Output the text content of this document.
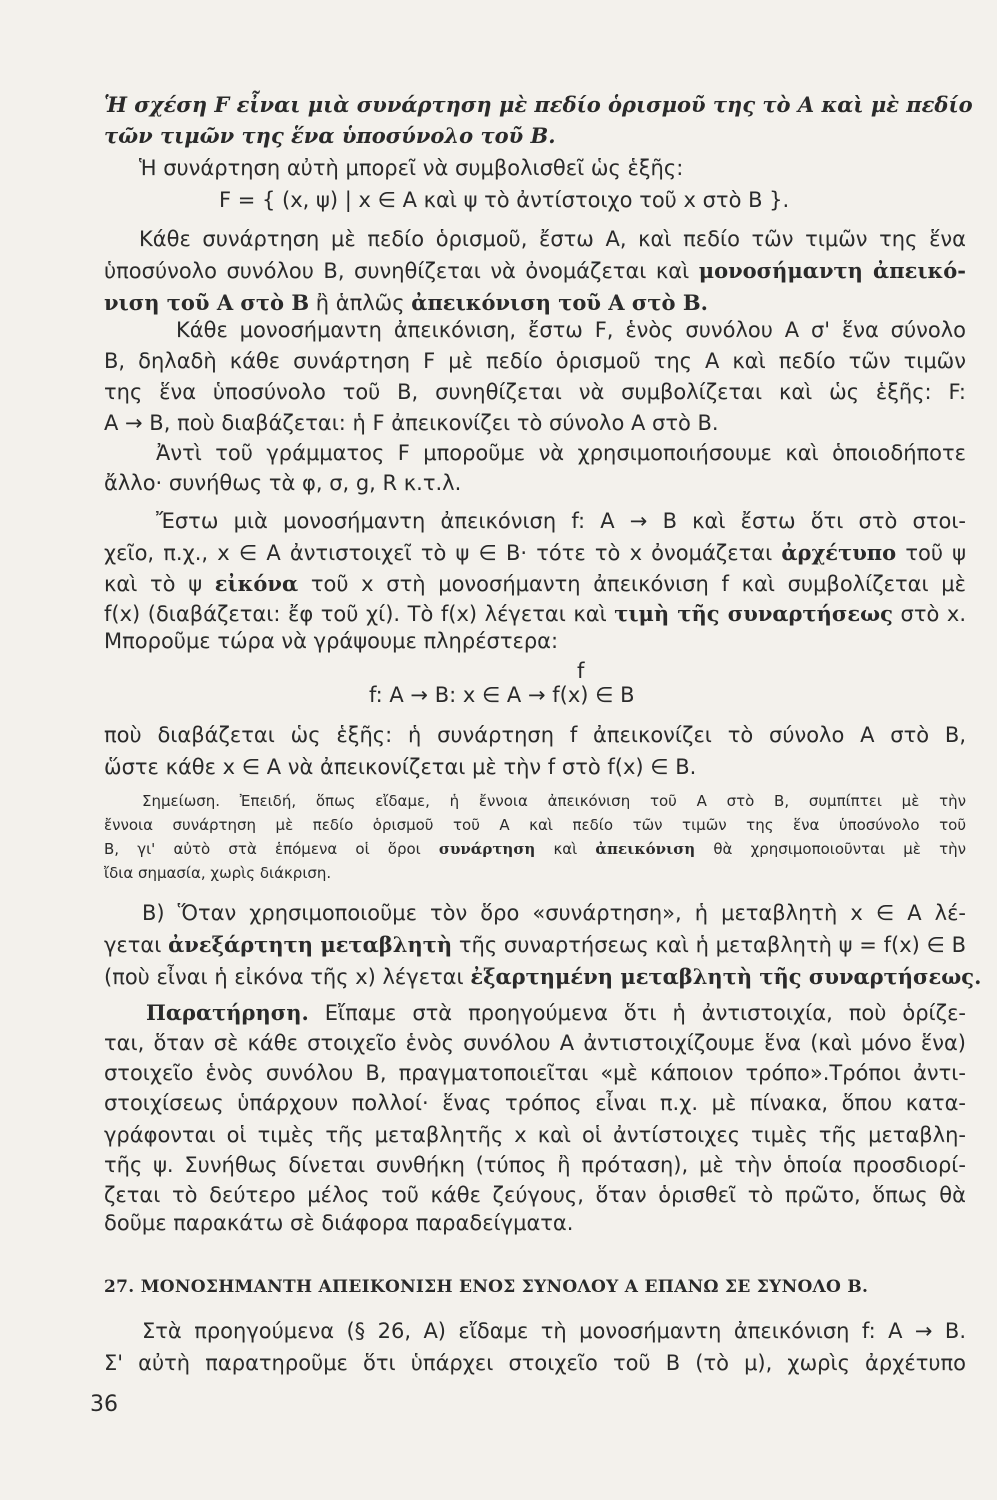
Ἡ σχέση F εἶναι μιὰ συνάρτηση μὲ πεδίο ὁρισμοῦ της τὸ A καὶ μὲ πεδίο
τῶν τιμῶν της ἕνα ὑποσύνολο τοῦ B.
Ἡ συνάρτηση αὐτὴ μπορεῖ νὰ συμβολισθεῖ ὡς ἑξῆς:
F = { (x, ψ) | x ∈ A καὶ ψ τὸ ἀντίστοιχο τοῦ x στὸ B }.
Κάθε συνάρτηση μὲ πεδίο ὁρισμοῦ, ἔστω A, καὶ πεδίο τῶν τιμῶν της ἕνα
ὑποσύνολο συνόλου B, συνηθίζεται νὰ ὀνομάζεται καὶ μονοσήμαντη ἀπεικό-
νιση τοῦ A στὸ B ἢ ἁπλῶς ἀπεικόνιση τοῦ A στὸ B.
Κάθε μονοσήμαντη ἀπεικόνιση, ἔστω F, ἑνὸς συνόλου A σ' ἕνα σύνολο
B, δηλαδὴ κάθε συνάρτηση F μὲ πεδίο ὁρισμοῦ της A καὶ πεδίο τῶν τιμῶν
της ἕνα ὑποσύνολο τοῦ B, συνηθίζεται νὰ συμβολίζεται καὶ ὡς ἑξῆς: F:
A → B, ποὺ διαβάζεται: ἡ F ἀπεικονίζει τὸ σύνολο A στὸ B.
Ἀντὶ τοῦ γράμματος F μποροῦμε νὰ χρησιμοποιήσουμε καὶ ὁποιοδήποτε
ἄλλο· συνήθως τὰ φ, σ, g, R κ.τ.λ.
Ἔστω μιὰ μονοσήμαντη ἀπεικόνιση f: A → B καὶ ἔστω ὅτι στὸ στοι-
χεῖο, π.χ., x ∈ A ἀντιστοιχεῖ τὸ ψ ∈ B· τότε τὸ x ὀνομάζεται ἀρχέτυπο τοῦ ψ
καὶ τὸ ψ εἰκόνα τοῦ x στὴ μονοσήμαντη ἀπεικόνιση f καὶ συμβολίζεται μὲ
f(x) (διαβάζεται: ἔφ τοῦ χί). Τὸ f(x) λέγεται καὶ τιμὴ τῆς συναρτήσεως στὸ x.
Μποροῦμε τώρα νὰ γράψουμε πληρέστερα:
f
f: A → B: x ∈ A → f(x) ∈ B
ποὺ διαβάζεται ὡς ἑξῆς: ἡ συνάρτηση f ἀπεικονίζει τὸ σύνολο A στὸ B,
ὥστε κάθε x ∈ A νὰ ἀπεικονίζεται μὲ τὴν f στὸ f(x) ∈ B.
Σημείωση. Ἐπειδή, ὅπως εἴδαμε, ἡ ἔννοια ἀπεικόνιση τοῦ A στὸ B, συμπίπτει μὲ τὴν
ἔννοια συνάρτηση μὲ πεδίο ὁρισμοῦ τοῦ A καὶ πεδίο τῶν τιμῶν της ἕνα ὑποσύνολο τοῦ
B, γι' αὐτὸ στὰ ἑπόμενα οἱ ὅροι συνάρτηση καὶ ἀπεικόνιση θὰ χρησιμοποιοῦνται μὲ τὴν
ἴδια σημασία, χωρὶς διάκριση.
B) Ὅταν χρησιμοποιοῦμε τὸν ὅρο «συνάρτηση», ἡ μεταβλητὴ x ∈ A λέ-
γεται ἀνεξάρτητη μεταβλητὴ τῆς συναρτήσεως καὶ ἡ μεταβλητὴ ψ = f(x) ∈ B
(ποὺ εἶναι ἡ εἰκόνα τῆς x) λέγεται ἐξαρτημένη μεταβλητὴ τῆς συναρτήσεως.
Παρατήρηση. Εἴπαμε στὰ προηγούμενα ὅτι ἡ ἀντιστοιχία, ποὺ ὁρίζε-
ται, ὅταν σὲ κάθε στοιχεῖο ἑνὸς συνόλου A ἀντιστοιχίζουμε ἕνα (καὶ μόνο ἕνα)
στοιχεῖο ἑνὸς συνόλου B, πραγματοποιεῖται «μὲ κάποιον τρόπο».Τρόποι ἀντι-
στοιχίσεως ὑπάρχουν πολλοί· ἕνας τρόπος εἶναι π.χ. μὲ πίνακα, ὅπου κατα-
γράφονται οἱ τιμὲς τῆς μεταβλητῆς x καὶ οἱ ἀντίστοιχες τιμὲς τῆς μεταβλη-
τῆς ψ. Συνήθως δίνεται συνθήκη (τύπος ἢ πρόταση), μὲ τὴν ὁποία προσδιορί-
ζεται τὸ δεύτερο μέλος τοῦ κάθε ζεύγους, ὅταν ὁρισθεῖ τὸ πρῶτο, ὅπως θὰ
δοῦμε παρακάτω σὲ διάφορα παραδείγματα.
27. ΜΟΝΟΣΗΜΑΝΤΗ ΑΠΕΙΚΟΝΙΣΗ ΕΝΟΣ ΣΥΝΟΛΟΥ Α ΕΠΑΝΩ ΣΕ ΣΥΝΟΛΟ Β.
Στὰ προηγούμενα (§ 26, A) εἴδαμε τὴ μονοσήμαντη ἀπεικόνιση f: A → B.
Σ' αὐτὴ παρατηροῦμε ὅτι ὑπάρχει στοιχεῖο τοῦ B (τὸ μ), χωρὶς ἀρχέτυπο
36
